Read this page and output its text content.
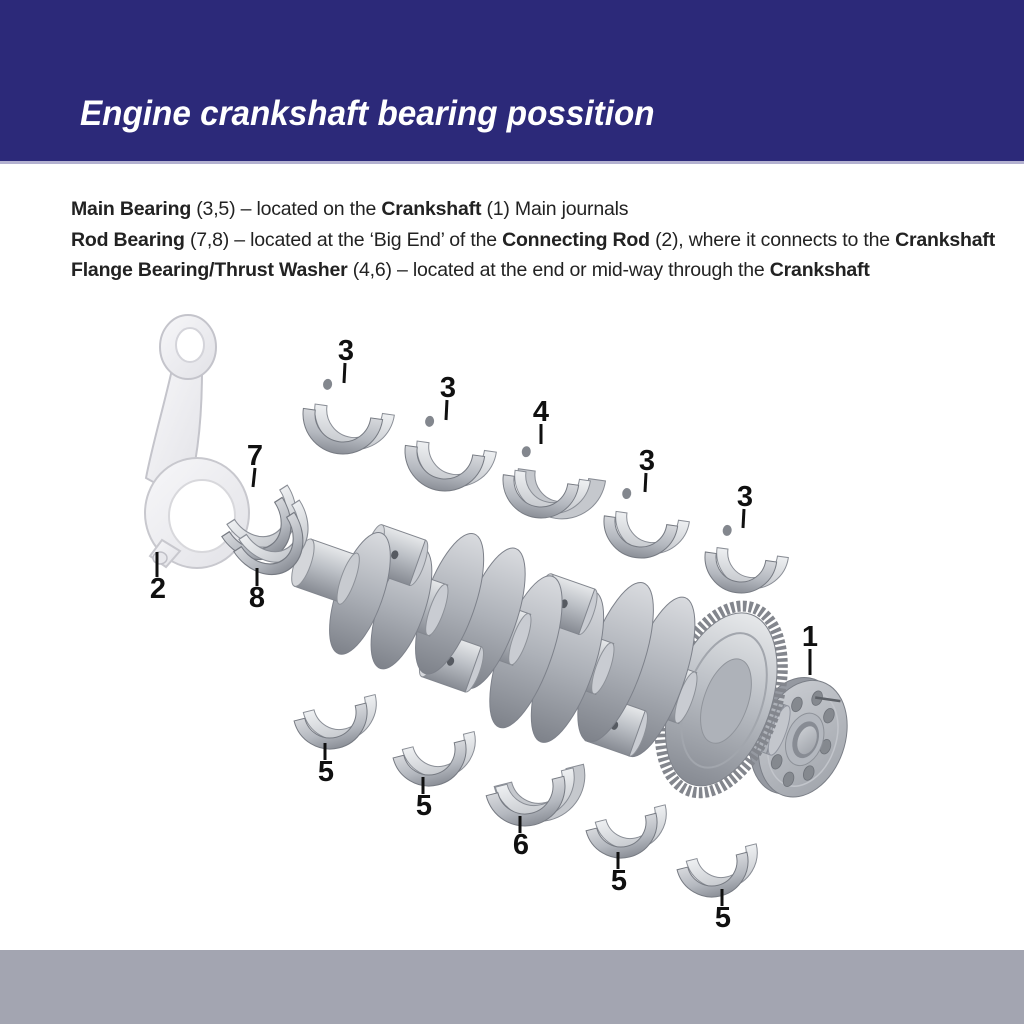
Engine crankshaft bearing possition

Main Bearing (3,5) – located on the Crankshaft (1) Main journals

Rod Bearing (7,8) – located at the ‘Big End’ of the Connecting Rod (2), where it connects to the Crankshaft

Flange Bearing/Thrust Washer (4,6) – located at the end or mid-way through the Crankshaft

1
2
3
3
4
3
3
7
8
5
5
6
5
5
